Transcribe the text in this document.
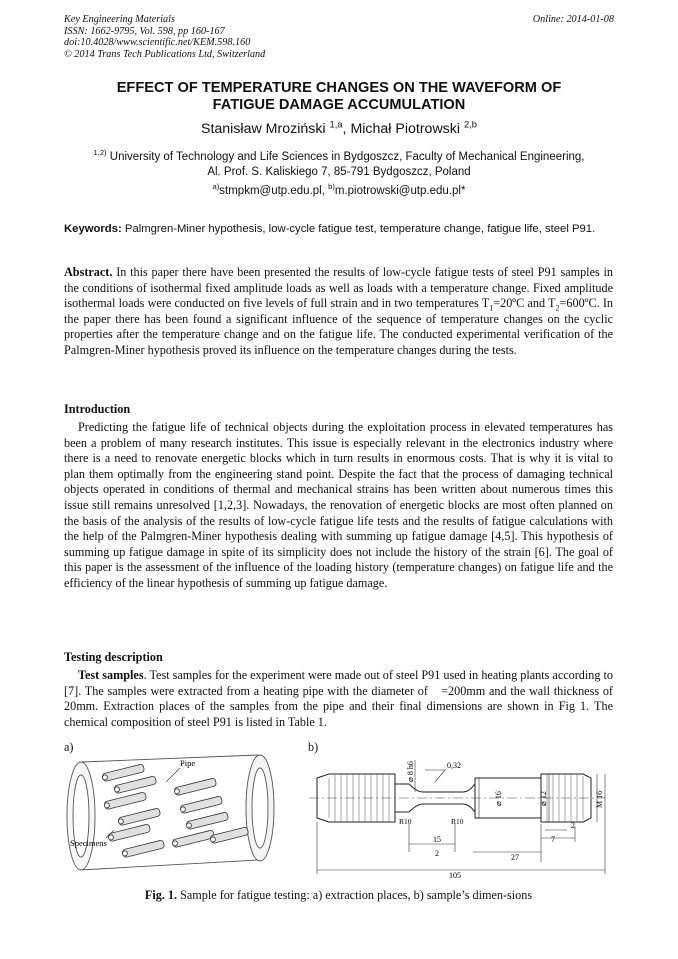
Key Engineering Materials
ISSN: 1662-9795, Vol. 598, pp 160-167
doi:10.4028/www.scientific.net/KEM.598.160
© 2014 Trans Tech Publications Ltd, Switzerland
Online: 2014-01-08
EFFECT OF TEMPERATURE CHANGES ON THE WAVEFORM OF
FATIGUE DAMAGE ACCUMULATION
Stanisław Mroziński $^{1,a}$, Michał Piotrowski $^{2,b}$
$^{1,2)}$ University of Technology and Life Sciences in Bydgoszcz, Faculty of Mechanical Engineering,
Al. Prof. S. Kaliskiego 7, 85-791 Bydgoszcz, Poland
$^{a)}$stmpkm@utp.edu.pl, $^{b)}$m.piotrowski@utp.edu.pl*
Keywords: Palmgren-Miner hypothesis, low-cycle fatigue test, temperature change, fatigue life, steel P91.
Abstract. In this paper there have been presented the results of low-cycle fatigue tests of steel P91 samples in the conditions of isothermal fixed amplitude loads as well as loads with a temperature change. Fixed amplitude isothermal loads were conducted on five levels of full strain and in two temperatures $T_1=20ºC$ and $T_2=600ºC$. In the paper there has been found a significant influence of the sequence of temperature changes on the cyclic properties after the temperature change and on the fatigue life. The conducted experimental verification of the Palmgren-Miner hypothesis proved its influence on the temperature changes during the tests.
Introduction
Predicting the fatigue life of technical objects during the exploitation process in elevated temperatures has been a problem of many research institutes. This issue is especially relevant in the electronics industry where there is a need to renovate energetic blocks which in turn results in enormous costs. That is why it is vital to plan them optimally from the engineering stand point. Despite the fact that the process of damaging technical objects operated in conditions of thermal and mechanical strains has been written about numerous times this issue still remains unresolved [1,2,3]. Nowadays, the renovation of energetic blocks are most often planned on the basis of the analysis of the results of low-cycle fatigue life tests and the results of fatigue calculations with the help of the Palmgren-Miner hypothesis dealing with summing up fatigue damage [4,5]. This hypothesis of summing up fatigue damage in spite of its simplicity does not include the history of the strain [6]. The goal of this paper is the assessment of the influence of the loading history (temperature changes) on fatigue life and the efficiency of the linear hypothesis of summing up fatigue damage.
Testing description
Test samples. Test samples for the experiment were made out of steel P91 used in heating plants according to [7]. The samples were extracted from a heating pipe with the diameter of =200mm and the wall thickness of 20mm. Extraction places of the samples from the pipe and their final dimensions are shown in Fig 1. The chemical composition of steel P91 is listed in Table 1.
a)	b)
Pipe
Specimens
⌀ 8 h6	0,32
⌀ 16	⌀ 12	M 16
R10	R10
15
2
2
7
27
105
Fig. 1. Sample for fatigue testing: a) extraction places, b) sample’s dimen-sions
